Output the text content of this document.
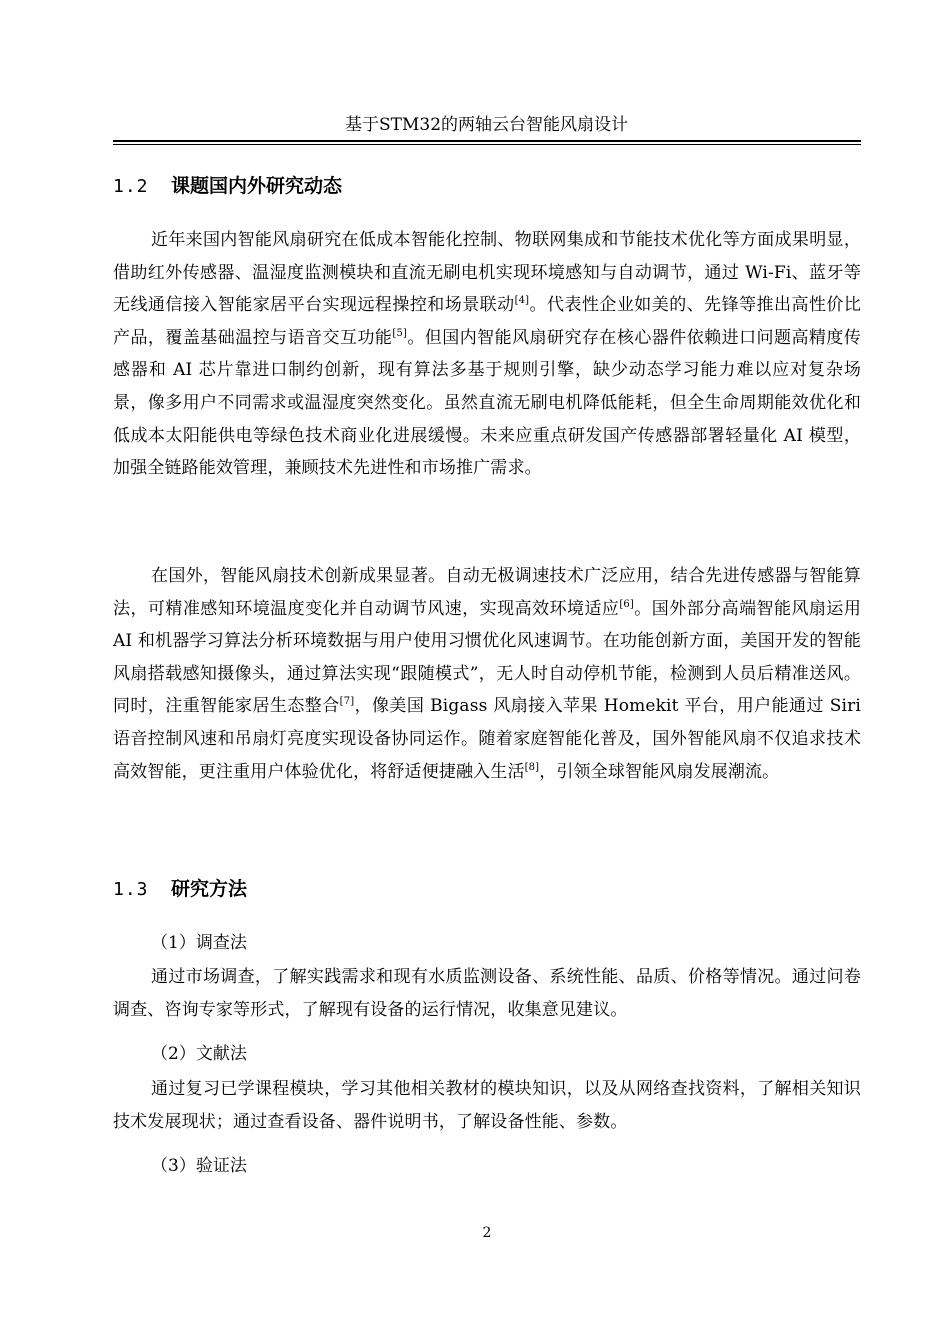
基于STM32的两轴云台智能风扇设计
1.2 课题国内外研究动态

近年来国内智能风扇研究在低成本智能化控制、物联网集成和节能技术优化等方面成果明显，借助红外传感器、温湿度监测模块和直流无刷电机实现环境感知与自动调节，通过 Wi-Fi、蓝牙等无线通信接入智能家居平台实现远程操控和场景联动[4]。代表性企业如美的、先锋等推出高性价比产品，覆盖基础温控与语音交互功能[5]。但国内智能风扇研究存在核心器件依赖进口问题高精度传感器和 AI 芯片靠进口制约创新，现有算法多基于规则引擎，缺少动态学习能力难以应对复杂场景，像多用户不同需求或温湿度突然变化。虽然直流无刷电机降低能耗，但全生命周期能效优化和低成本太阳能供电等绿色技术商业化进展缓慢。未来应重点研发国产传感器部署轻量化 AI 模型，加强全链路能效管理，兼顾技术先进性和市场推广需求。

在国外，智能风扇技术创新成果显著。自动无极调速技术广泛应用，结合先进传感器与智能算法，可精准感知环境温度变化并自动调节风速，实现高效环境适应[6]。国外部分高端智能风扇运用 AI 和机器学习算法分析环境数据与用户使用习惯优化风速调节。在功能创新方面，美国开发的智能风扇搭载感知摄像头，通过算法实现“跟随模式”，无人时自动停机节能，检测到人员后精准送风。同时，注重智能家居生态整合[7]，像美国 Bigass 风扇接入苹果 Homekit 平台，用户能通过 Siri 语音控制风速和吊扇灯亮度实现设备协同运作。随着家庭智能化普及，国外智能风扇不仅追求技术高效智能，更注重用户体验优化，将舒适便捷融入生活[8]，引领全球智能风扇发展潮流。

1.3 研究方法
（1）调查法

通过市场调查，了解实践需求和现有水质监测设备、系统性能、品质、价格等情况。通过问卷调查、咨询专家等形式，了解现有设备的运行情况，收集意见建议。

（2）文献法

通过复习已学课程模块，学习其他相关教材的模块知识，以及从网络查找资料，了解相关知识技术发展现状；通过查看设备、器件说明书，了解设备性能、参数。

（3）验证法
2
